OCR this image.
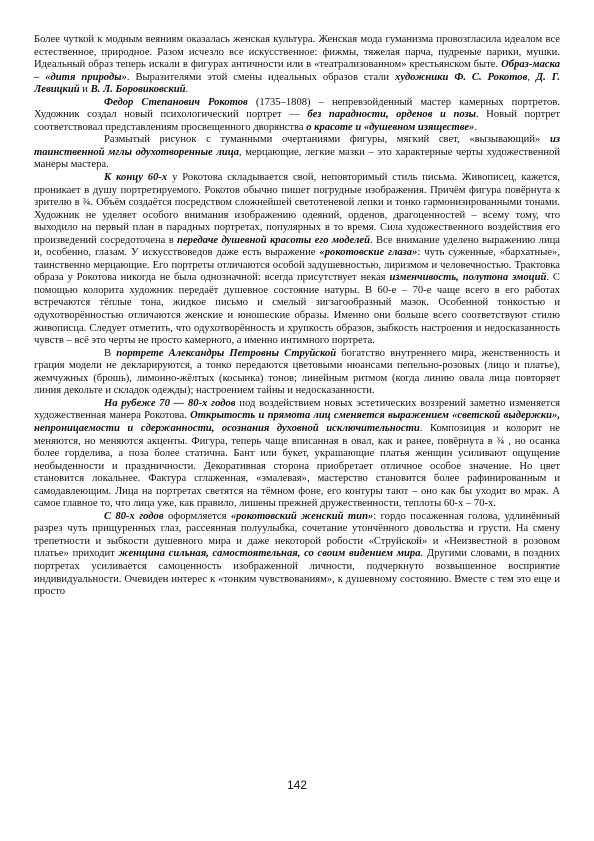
Более чуткой к модным веяниям оказалась женская культура. Женская мода гуманизма провозгласила идеалом все естественное, природное. Разом исчезло все искусственное: фижмы, тяжелая парча, пудреные парики, мушки. Идеальный образ теперь искали в фигурах античности или в «театрализованном» крестьянском быте. Образ-маска – «дитя природы». Выразителями этой смены идеальных образов стали художники Ф. С. Рокотов, Д. Г. Левицкий и В. Л. Боровиковский.

Федор Степанович Рокотов (1735–1808) – непревзойденный мастер камерных портретов. Художник создал новый психологический портрет — без парадности, орденов и позы. Новый портрет соответствовал представлениям просвещенного дворянства о красоте и «душевном изяществе».

Размытый рисунок с туманными очертаниями фигуры, мягкий свет, «вызывающий» из таинственной мглы одухотворенные лица, мерцающие, легкие мазки – это характерные черты художественной манеры мастера.

К концу 60-х у Рокотова складывается свой, неповторимый стиль письма. Живописец, кажется, проникает в душу портретируемого. Рокотов обычно пишет погрудные изображения. Причём фигура повёрнута к зрителю в ¾. Объём создаётся посредством сложнейшей светотеневой лепки и тонко гармонизированными тонами. Художник не уделяет особого внимания изображению одеяний, орденов, драгоценностей – всему тому, что выходило на первый план в парадных портретах, популярных в то время. Сила художественного воздействия его произведений сосредоточена в передаче душевной красоты его моделей. Все внимание уделено выражению лица и, особенно, глазам. У искусствоведов даже есть выражение «рокотовские глаза»: чуть суженные, «бархатные», таинственно мерцающие. Его портреты отличаются особой задушевностью, лиризмом и человечностью. Трактовка образа у Рокотова никогда не была однозначной: всегда присутствует некая изменчивость, полутона эмоций. С помощью колорита художник передаёт душевное состояние натуры. В 60-е – 70-е чаще всего в его работах встречаются тёплые тона, жидкое письмо и смелый зигзагообразный мазок. Особенной тонкостью и одухотворённостью отличаются женские и юношеские образы. Именно они больше всего соответствуют стилю живописца. Следует отметить, что одухотворённость и хрупкость образов, зыбкость настроения и недосказанность чувств – всё это черты не просто камерного, а именно интимного портрета.

В портрете Александры Петровны Струйской богатство внутреннего мира, женственность и грация модели не декларируются, а тонко передаются цветовыми нюансами пепельно-розовых (лицо и платье), жемчужных (брошь), лимонно-жёлтых (косынка) тонов; линейным ритмом (когда линию овала лица повторяет линия декольте и складок одежды); настроением тайны и недосказанности.

На рубеже 70 — 80-х годов под воздействием новых эстетических воззрений заметно изменяется художественная манера Рокотова. Открытость и прямота лиц сменяется выражением «светской выдержки», непроницаемости и сдержанности, осознания духовной исключительности. Композиция и колорит не меняются, но меняются акценты. Фигура, теперь чаще вписанная в овал, как и ранее, повёрнута в ¾ , но осанка более горделива, а поза более статична. Бант или букет, украшающие платья женщин усиливают ощущение необыденности и праздничности. Декоративная сторона приобретает отличное особое значение. Но цвет становится локальнее. Фактура сглаженная, «эмалевая», мастерство становится более рафинированным и самодавлеющим. Лица на портретах светятся на тёмном фоне, его контуры тают – оно как бы уходит во мрак. А самое главное то, что лица уже, как правило, лишены прежней дружественности, теплоты 60-х – 70-х.

С 80-х годов оформляется «рокотовский женский тип»: гордо посаженная голова, удлинённый разрез чуть прищуренных глаз, рассеянная полуулыбка, сочетание утончённого довольства и грусти. На смену трепетности и зыбкости душевного мира и даже некоторой робости «Струйской» и «Неизвестной в розовом платье» приходит женщина сильная, самостоятельная, со своим видением мира. Другими словами, в поздних портретах усиливается самоценность изображенной личности, подчеркнуто возвышенное восприятие индивидуальности. Очевиден интерес к «тонким чувствованиям», к душевному состоянию. Вместе с тем это еще и просто

142
